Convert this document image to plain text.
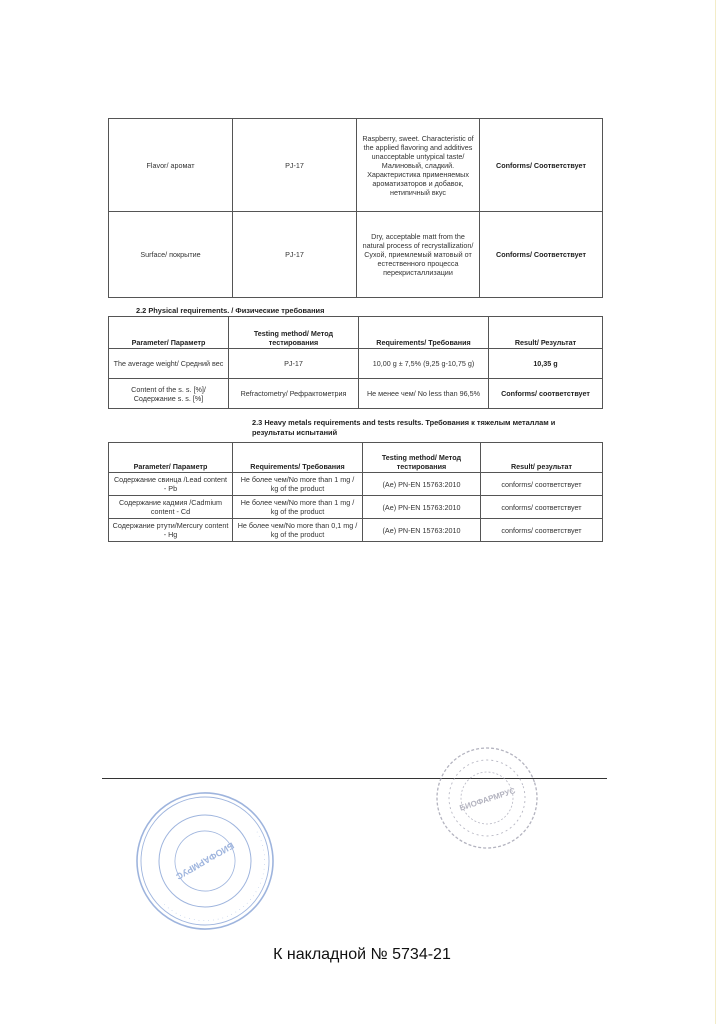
Flavor/ аромат	PJ-17	Raspberry, sweet. Characteristic of the applied flavoring and additives unacceptable untypical taste/ Малиновый, сладкий. Характеристика применяемых ароматизаторов и добавок, нетипичный вкус	Conforms/ Соответствует
Surface/ покрытие	PJ-17	Dry, acceptable matt from the natural process of recrystallization/ Сухой, приемлемый матовый от естественного процесса перекристаллизации	Conforms/ Соответствует
2.2 Physical requirements. / Физические требования
Parameter/ Параметр	Testing method/ Метод тестирования	Requirements/ Требования	Result/ Результат
The average weight/ Средний вес	PJ-17	10,00 g ± 7,5% (9,25 g-10,75 g)	10,35 g
Content of the s. s. [%]/Содержание s. s. [%]	Refractometry/ Рефрактометрия	Не менее чем/ No less than 96,5%	Conforms/ соответствует
2.3 Heavy metals requirements and tests results. Требования к тяжелым металлам и результаты испытаний
Parameter/ Параметр	Requirements/ Требования	Testing method/ Метод тестирования	Result/ результат
Содержание свинца /Lead content - Pb	Не более чем/No more than 1 mg / kg of the product	(Ae) PN-EN 15763:2010	conforms/ соответствует
Содержание кадмия /Cadmium content - Cd	Не более чем/No more than 1 mg / kg of the product	(Ae) PN-EN 15763:2010	conforms/ соответствует
Содержание ртути/Mercury content - Hg	Не более чем/No more than 0,1 mg / kg of the product	(Ae) PN-EN 15763:2010	conforms/ соответствует
БИОФАРМРУС
· · · · · · · · · · · · · · · · · · · · · · · · · · · · · · · · · · · ·
БИОФАРМРУС
К накладной № 5734-21
